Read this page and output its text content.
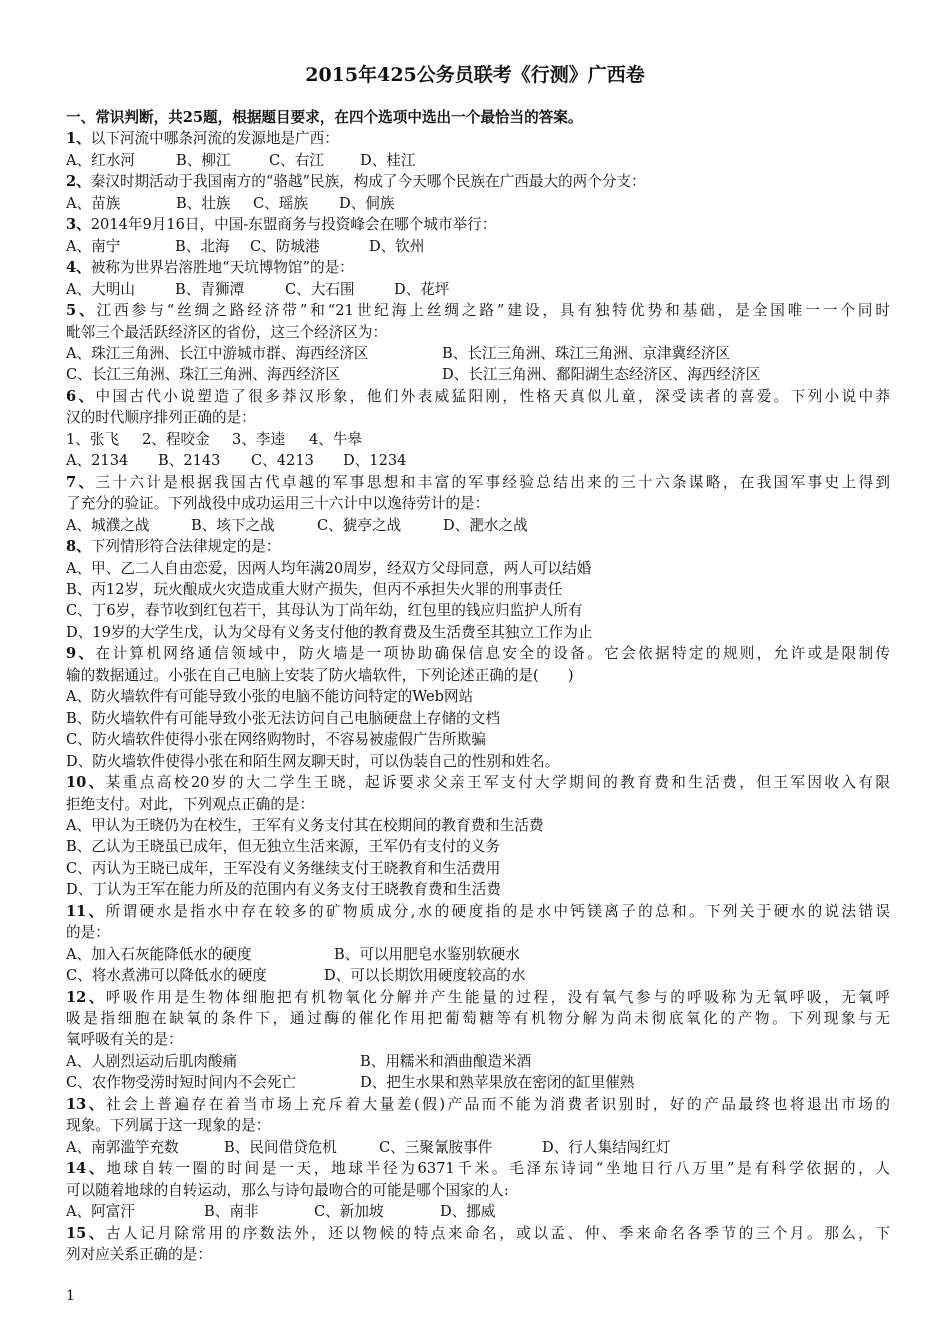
2015年425公务员联考《行测》广西卷
一、常识判断，共25题，根据题目要求，在四个选项中选出一个最恰当的答案。
1、以下河流中哪条河流的发源地是广西：
A、红水河	B、柳江	C、右江 D、桂江
2、秦汉时期活动于我国南方的“骆越”民族，构成了今天哪个民族在广西最大的两个分支：
A、苗族	B、壮族 C、瑶族 D、侗族
3、2014年9月16日，中国-东盟商务与投资峰会在哪个城市举行：
A、南宁	B、北海 C、防城港	D、钦州
4、被称为世界岩溶胜地“天坑博物馆”的是：
A、大明山	B、青狮潭	C、大石围	D、花坪
5、江西参与“丝绸之路经济带”和“21世纪海上丝绸之路”建设，具有独特优势和基础，是全国唯一一个同时
毗邻三个最活跃经济区的省份，这三个经济区为：
A、珠江三角洲、长江中游城市群、海西经济区	B、长江三角洲、珠江三角洲、京津冀经济区
C、长江三角洲、珠江三角洲、海西经济区	D、长江三角洲、鄱阳湖生态经济区、海西经济区
6、中国古代小说塑造了很多莽汉形象，他们外表威猛阳刚，性格天真似儿童，深受读者的喜爱。下列小说中莽
汉的时代顺序排列正确的是：
1、张飞 2、程咬金 3、李逵 4、牛皋
A、2134 B、2143 C、4213 D、1234
7、三十六计是根据我国古代卓越的军事思想和丰富的军事经验总结出来的三十六条谋略，在我国军事史上得到
了充分的验证。下列战役中成功运用三十六计中以逸待劳计的是：
A、城濮之战	B、垓下之战	C、猇亭之战	D、淝水之战
8、下列情形符合法律规定的是：
A、甲、乙二人自由恋爱，因两人均年满20周岁，经双方父母同意，两人可以结婚
B、丙12岁，玩火酿成火灾造成重大财产损失，但丙不承担失火罪的刑事责任
C、丁6岁，春节收到红包若干，其母认为丁尚年幼，红包里的钱应归监护人所有
D、19岁的大学生戊，认为父母有义务支付他的教育费及生活费至其独立工作为止
9、在计算机网络通信领域中，防火墙是一项协助确保信息安全的设备。它会依据特定的规则，允许或是限制传
输的数据通过。小张在自己电脑上安装了防火墙软件，下列论述正确的是(　　)
A、防火墙软件有可能导致小张的电脑不能访问特定的Web网站
B、防火墙软件有可能导致小张无法访问自己电脑硬盘上存储的文档
C、防火墙软件使得小张在网络购物时，不容易被虚假广告所欺骗
D、防火墙软件使得小张在和陌生网友聊天时，可以伪装自己的性别和姓名。
10、某重点高校20岁的大二学生王晓，起诉要求父亲王军支付大学期间的教育费和生活费，但王军因收入有限
拒绝支付。对此，下列观点正确的是：
A、甲认为王晓仍为在校生，王军有义务支付其在校期间的教育费和生活费
B、乙认为王晓虽已成年，但无独立生活来源，王军仍有支付的义务
C、丙认为王晓已成年，王军没有义务继续支付王晓教育和生活费用
D、丁认为王军在能力所及的范围内有义务支付王晓教育费和生活费
11、所谓硬水是指水中存在较多的矿物质成分,水的硬度指的是水中钙镁离子的总和。下列关于硬水的说法错误
的是：
A、加入石灰能降低水的硬度	B、可以用肥皂水鉴别软硬水
C、将水煮沸可以降低水的硬度	D、可以长期饮用硬度较高的水
12、呼吸作用是生物体细胞把有机物氧化分解并产生能量的过程，没有氧气参与的呼吸称为无氧呼吸，无氧呼
吸是指细胞在缺氧的条件下，通过酶的催化作用把葡萄糖等有机物分解为尚未彻底氧化的产物。下列现象与无
氧呼吸有关的是：
A、人剧烈运动后肌肉酸痛	B、用糯米和酒曲酿造米酒
C、农作物受涝时短时间内不会死亡	D、把生水果和熟苹果放在密闭的缸里催熟
13、社会上普遍存在着当市场上充斥着大量差(假)产品而不能为消费者识别时，好的产品最终也将退出市场的
现象。下列属于这一现象的是：
A、南郭滥竽充数	B、民间借贷危机	C、三聚氰胺事件	D、行人集结闯红灯
14、地球自转一圈的时间是一天，地球半径为6371千米。毛泽东诗词“坐地日行八万里”是有科学依据的，人
可以随着地球的自转运动，那么与诗句最吻合的可能是哪个国家的人:
A、阿富汗	B、南非	C、新加坡	D、挪威
15、古人记月除常用的序数法外，还以物候的特点来命名，或以孟、仲、季来命名各季节的三个月。那么，下
列对应关系正确的是：
1
